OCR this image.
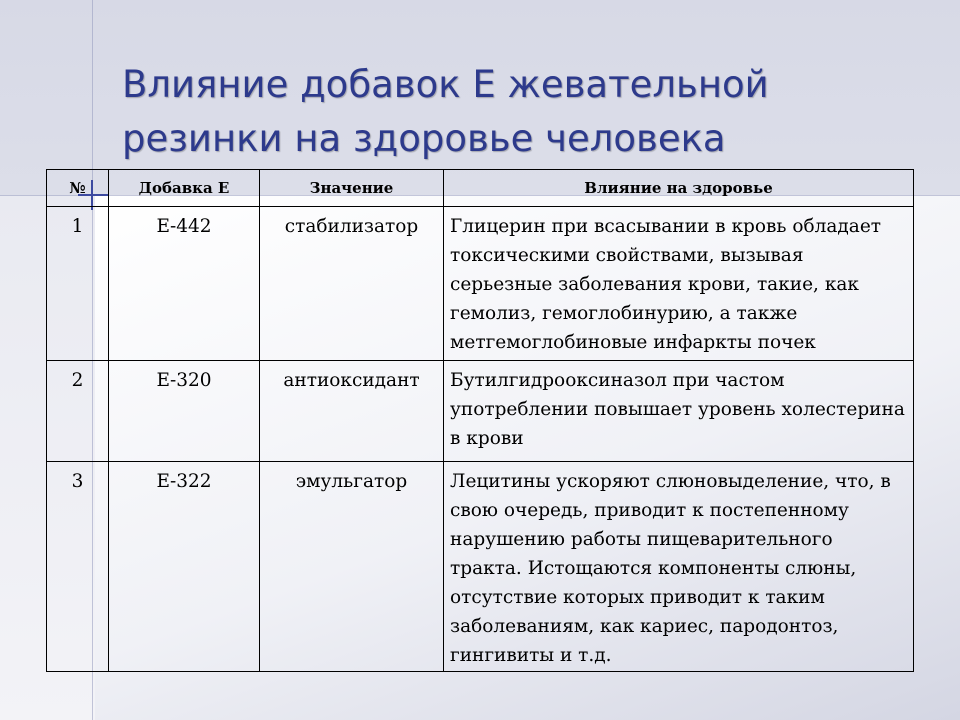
Влияние добавок Е жевательной
резинки на здоровье человека
№	Добавка Е	Значение	Влияние на здоровье
1	Е-442	стабилизатор	Глицерин при всасывании в кровь обладает токсическими свойствами, вызывая серьезные заболевания крови, такие, как гемолиз, гемоглобинурию, а также метгемоглобиновые инфаркты почек
2	Е-320	антиоксидант	Бутилгидрооксиназол при частом употреблении повышает уровень холестерина в крови
3	Е-322	эмульгатор	Лецитины ускоряют слюновыделение, что, в свою очередь, приводит к постепенному нарушению работы пищеварительного тракта. Истощаются компоненты слюны, отсутствие которых приводит к таким заболеваниям, как кариес, пародонтоз, гингивиты и т.д.
